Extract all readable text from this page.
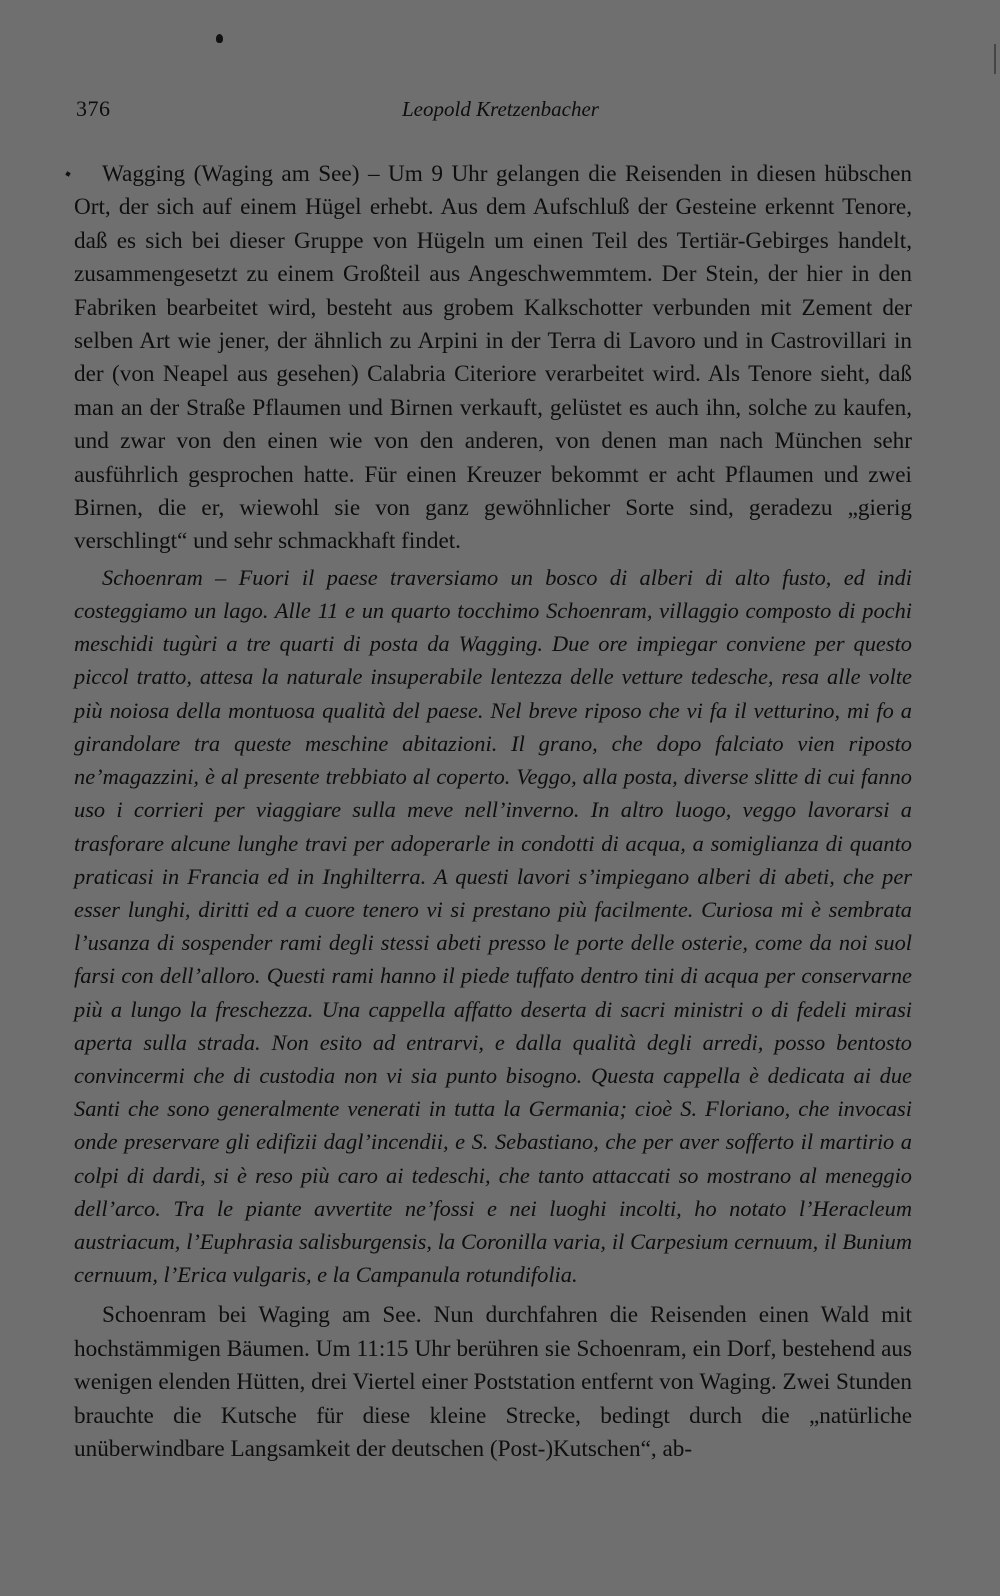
376	Leopold Kretzenbacher

Wagging (Waging am See) – Um 9 Uhr gelangen die Reisenden in diesen hübschen Ort, der sich auf einem Hügel erhebt. Aus dem Aufschluß der Gesteine erkennt Tenore, daß es sich bei dieser Gruppe von Hügeln um einen Teil des Tertiär-Gebirges handelt, zusammengesetzt zu einem Großteil aus Angeschwemmtem. Der Stein, der hier in den Fabriken bearbeitet wird, besteht aus grobem Kalkschotter verbunden mit Zement der selben Art wie jener, der ähnlich zu Arpini in der Terra di Lavoro und in Castrovillari in der (von Neapel aus gesehen) Calabria Citeriore verarbeitet wird. Als Tenore sieht, daß man an der Straße Pflaumen und Birnen verkauft, gelüstet es auch ihn, solche zu kaufen, und zwar von den einen wie von den anderen, von denen man nach München sehr ausführlich gesprochen hatte. Für einen Kreuzer bekommt er acht Pflaumen und zwei Birnen, die er, wiewohl sie von ganz gewöhnlicher Sorte sind, geradezu „gierig verschlingt“ und sehr schmackhaft findet.

Schoenram – Fuori il paese traversiamo un bosco di alberi di alto fusto, ed indi costeggiamo un lago. Alle 11 e un quarto tocchimo Schoenram, villaggio composto di pochi meschidi tugùri a tre quarti di posta da Wagging. Due ore impiegar conviene per questo piccol tratto, attesa la naturale insuperabile lentezza delle vetture tedesche, resa alle volte più noiosa della montuosa qualità del paese. Nel breve riposo che vi fa il vetturino, mi fo a girandolare tra queste meschine abitazioni. Il grano, che dopo falciato vien riposto ne’magazzini, è al presente trebbiato al coperto. Veggo, alla posta, diverse slitte di cui fanno uso i corrieri per viaggiare sulla meve nell’inverno. In altro luogo, veggo lavorarsi a trasforare alcune lunghe travi per adoperarle in condotti di acqua, a somiglianza di quanto praticasi in Francia ed in Inghilterra. A questi lavori s’impiegano alberi di abeti, che per esser lunghi, diritti ed a cuore tenero vi si prestano più facilmente. Curiosa mi è sembrata l’usanza di sospender rami degli stessi abeti presso le porte delle osterie, come da noi suol farsi con dell’alloro. Questi rami hanno il piede tuffato dentro tini di acqua per conservarne più a lungo la freschezza. Una cappella affatto deserta di sacri ministri o di fedeli mirasi aperta sulla strada. Non esito ad entrarvi, e dalla qualità degli arredi, posso bentosto convincermi che di custodia non vi sia punto bisogno. Questa cappella è dedicata ai due Santi che sono generalmente venerati in tutta la Germania; cioè S. Floriano, che invocasi onde preservare gli edifizii dagl’incendii, e S. Sebastiano, che per aver sofferto il martirio a colpi di dardi, si è reso più caro ai tedeschi, che tanto attaccati so mostrano al meneggio dell’arco. Tra le piante avvertite ne’fossi e nei luoghi incolti, ho notato l’Heracleum austriacum, l’Euphrasia salisburgensis, la Coronilla varia, il Carpesium cernuum, il Bunium cernuum, l’Erica vulgaris, e la Campanula rotundifolia.

Schoenram bei Waging am See. Nun durchfahren die Reisenden einen Wald mit hochstämmigen Bäumen. Um 11:15 Uhr berühren sie Schoenram, ein Dorf, bestehend aus wenigen elenden Hütten, drei Viertel einer Poststation entfernt von Waging. Zwei Stunden brauchte die Kutsche für diese kleine Strecke, bedingt durch die „natürliche unüberwindbare Langsamkeit der deutschen (Post-)Kutschen“, ab-
